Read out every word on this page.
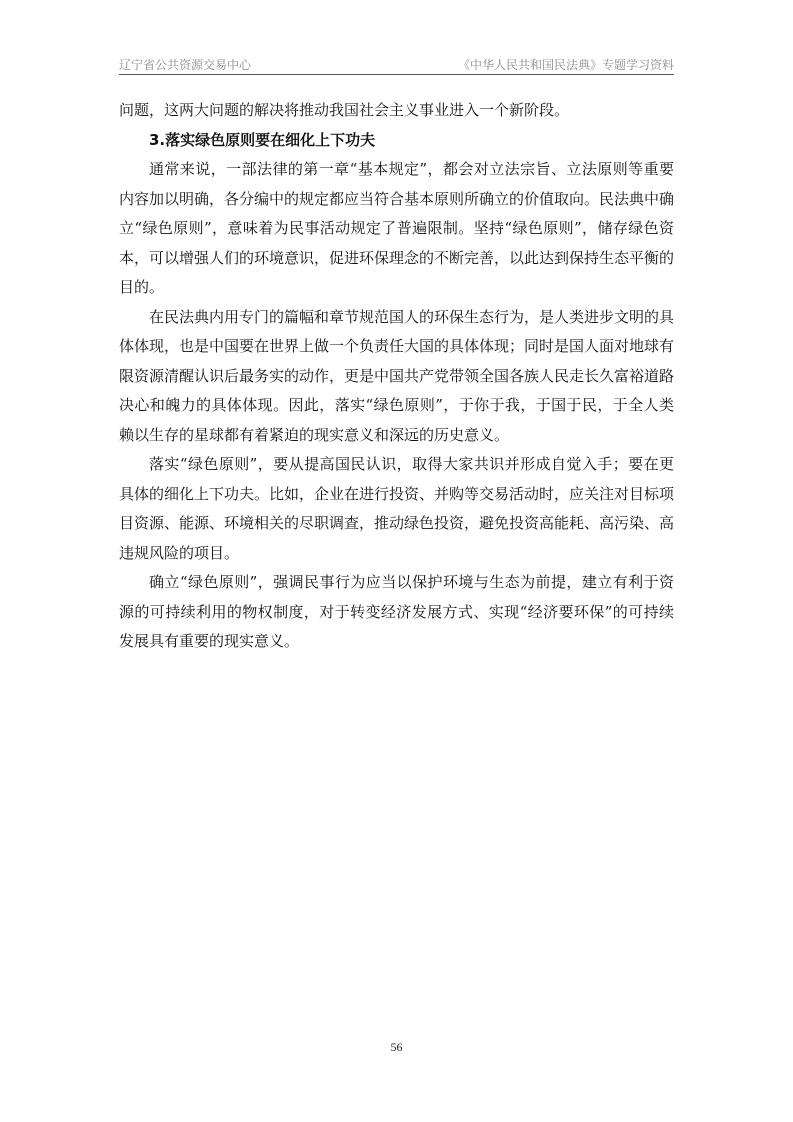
辽宁省公共资源交易中心	《中华人民共和国民法典》专题学习资料

问题，这两大问题的解决将推动我国社会主义事业进入一个新阶段。

3.落实绿色原则要在细化上下功夫

通常来说，一部法律的第一章“基本规定”，都会对立法宗旨、立法原则等重要内容加以明确，各分编中的规定都应当符合基本原则所确立的价值取向。民法典中确立“绿色原则”，意味着为民事活动规定了普遍限制。坚持“绿色原则”，储存绿色资本，可以增强人们的环境意识，促进环保理念的不断完善，以此达到保持生态平衡的目的。

在民法典内用专门的篇幅和章节规范国人的环保生态行为，是人类进步文明的具体体现，也是中国要在世界上做一个负责任大国的具体体现；同时是国人面对地球有限资源清醒认识后最务实的动作，更是中国共产党带领全国各族人民走长久富裕道路决心和魄力的具体体现。因此，落实“绿色原则”，于你于我，于国于民，于全人类赖以生存的星球都有着紧迫的现实意义和深远的历史意义。

落实“绿色原则”，要从提高国民认识，取得大家共识并形成自觉入手；要在更具体的细化上下功夫。比如，企业在进行投资、并购等交易活动时，应关注对目标项目资源、能源、环境相关的尽职调查，推动绿色投资，避免投资高能耗、高污染、高违规风险的项目。

确立“绿色原则”，强调民事行为应当以保护环境与生态为前提，建立有利于资源的可持续利用的物权制度，对于转变经济发展方式、实现“经济要环保”的可持续发展具有重要的现实意义。

56
